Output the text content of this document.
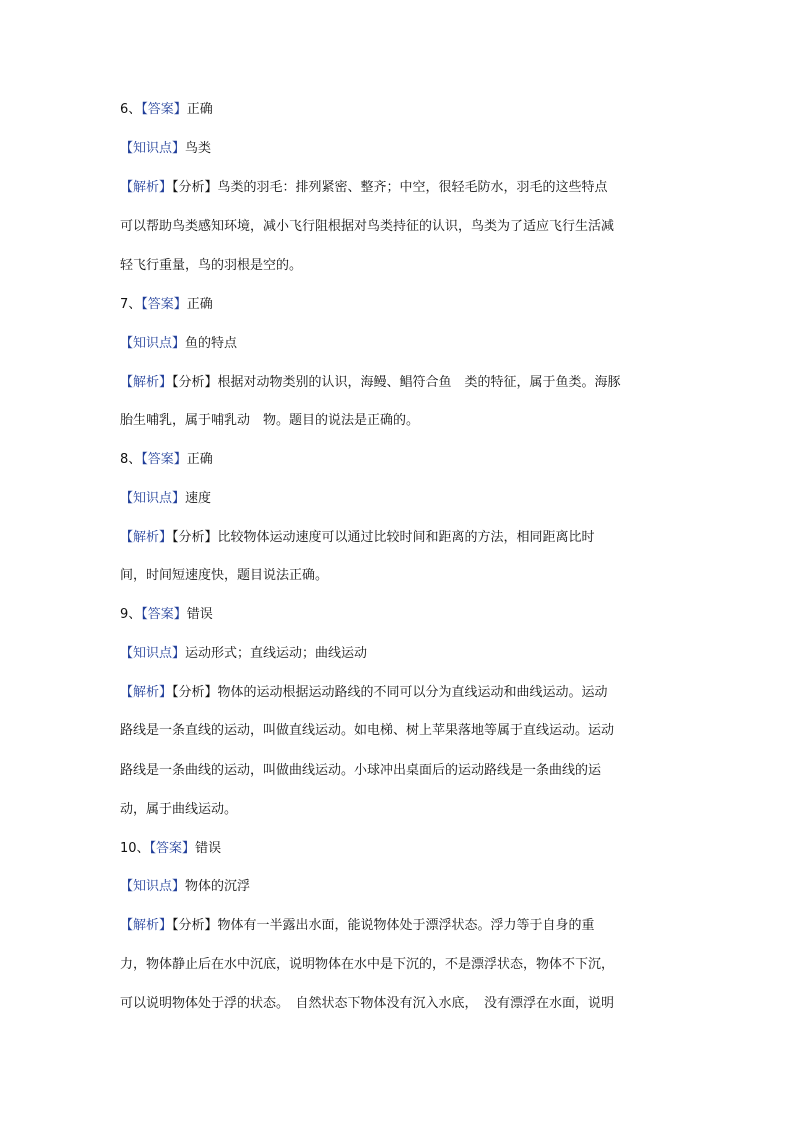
6、【答案】正确
【知识点】鸟类
【解析】【分析】鸟类的羽毛：排列紧密、整齐；中空，很轻毛防水，羽毛的这些特点
可以帮助鸟类感知环境，减小飞行阻根据对鸟类持征的认识，鸟类为了适应飞行生活减
轻飞行重量，鸟的羽根是空的。
7、【答案】正确
【知识点】鱼的特点
【解析】【分析】根据对动物类别的认识，海鳗、鲳符合鱼　类的特征，属于鱼类。海豚
胎生哺乳，属于哺乳动　物。题目的说法是正确的。
8、【答案】正确
【知识点】速度
【解析】【分析】比较物体运动速度可以通过比较时间和距离的方法，相同距离比时
间，时间短速度快，题目说法正确。
9、【答案】错误
【知识点】运动形式；直线运动；曲线运动
【解析】【分析】物体的运动根据运动路线的不同可以分为直线运动和曲线运动。运动
路线是一条直线的运动，叫做直线运动。如电梯、树上苹果落地等属于直线运动。运动
路线是一条曲线的运动，叫做曲线运动。小球冲出桌面后的运动路线是一条曲线的运
动，属于曲线运动。
10、【答案】错误
【知识点】物体的沉浮
【解析】【分析】物体有一半露出水面，能说物体处于漂浮状态。浮力等于自身的重
力，物体静止后在水中沉底，说明物体在水中是下沉的，不是漂浮状态，物体不下沉，
可以说明物体处于浮的状态。　自然状态下物体没有沉入水底，　没有漂浮在水面，说明
